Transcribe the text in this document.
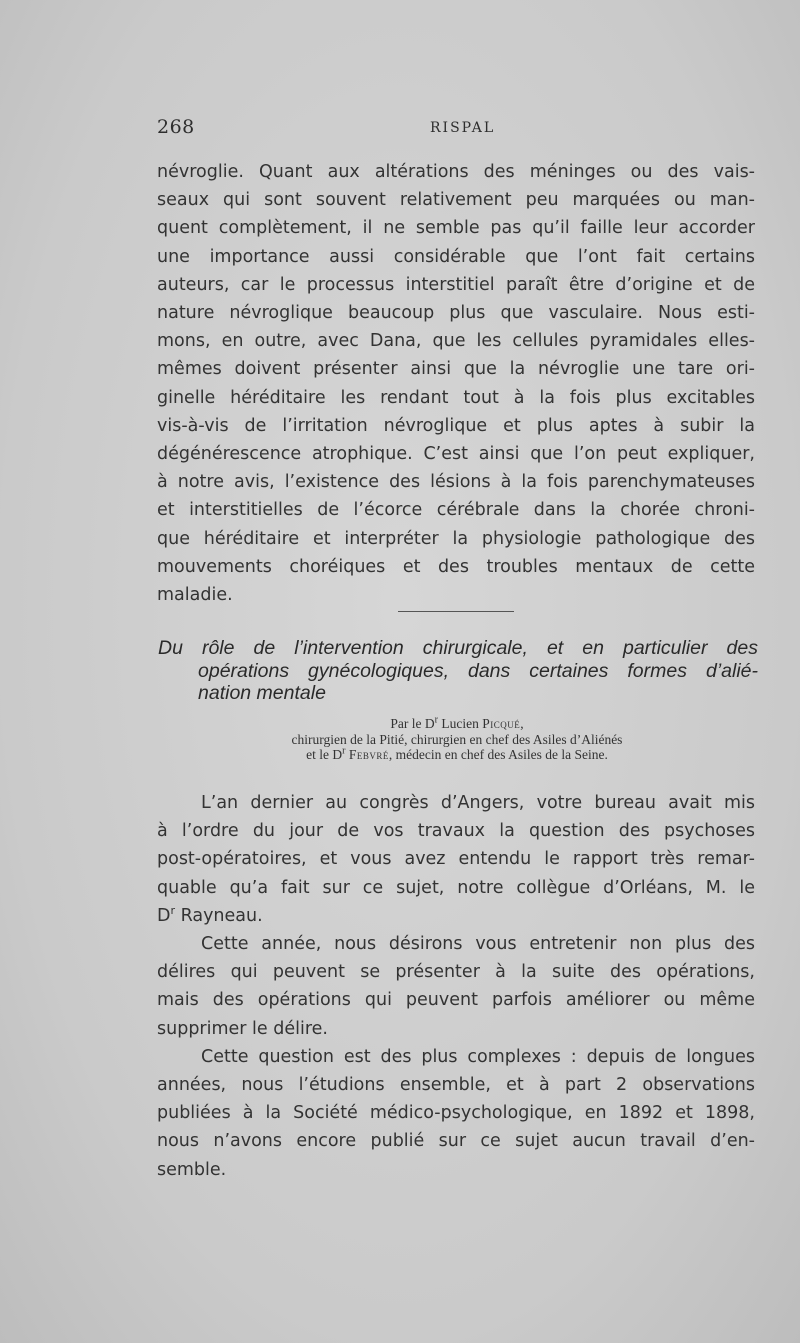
268	RISPAL

névroglie. Quant aux altérations des méninges ou des vais-
seaux qui sont souvent relativement peu marquées ou man-
quent complètement, il ne semble pas qu’il faille leur accorder
une importance aussi considérable que l’ont fait certains
auteurs, car le processus interstitiel paraît être d’origine et de
nature névroglique beaucoup plus que vasculaire. Nous esti-
mons, en outre, avec Dana, que les cellules pyramidales elles-
mêmes doivent présenter ainsi que la névroglie une tare ori-
ginelle héréditaire les rendant tout à la fois plus excitables
vis-à-vis de l’irritation névroglique et plus aptes à subir la
dégénérescence atrophique. C’est ainsi que l’on peut expliquer,
à notre avis, l’existence des lésions à la fois parenchymateuses
et interstitielles de l’écorce cérébrale dans la chorée chroni-
que héréditaire et interpréter la physiologie pathologique des
mouvements choréiques et des troubles mentaux de cette
maladie.

Du rôle de l’intervention chirurgicale, et en particulier des
opérations gynécologiques, dans certaines formes d’alié-
nation mentale
Par le $D^r$ Lucien Picqué,
chirurgien de la Pitié, chirurgien en chef des Asiles d’Aliénés
et le $D^r$ Febvré, médecin en chef des Asiles de la Seine.

L’an dernier au congrès d’Angers, votre bureau avait mis
à l’ordre du jour de vos travaux la question des psychoses
post-opératoires, et vous avez entendu le rapport très remar-
quable qu’a fait sur ce sujet, notre collègue d’Orléans, M. le
$D^r$ Rayneau.

Cette année, nous désirons vous entretenir non plus des
délires qui peuvent se présenter à la suite des opérations,
mais des opérations qui peuvent parfois améliorer ou même
supprimer le délire.

Cette question est des plus complexes : depuis de longues
années, nous l’étudions ensemble, et à part 2 observations
publiées à la Société médico-psychologique, en 1892 et 1898,
nous n’avons encore publié sur ce sujet aucun travail d’en-
semble.
